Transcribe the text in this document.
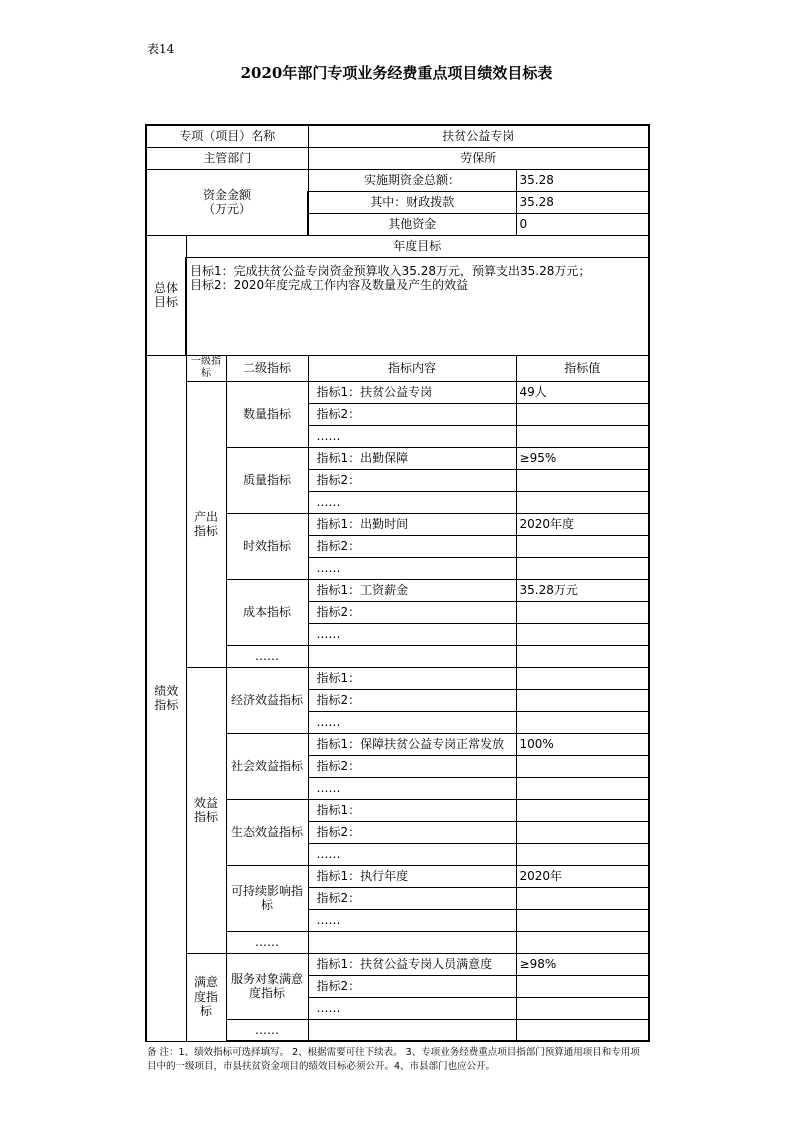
表14
2020年部门专项业务经费重点项目绩效目标表
专项（项目）名称			扶贫公益专岗	
主管部门			劳保所	

资金金额
（万元）			实施期资金总额：	35.28
			其中：财政拨款	35.28
			其他资金	0
总体目标	年度目标			

	目标1：完成扶贫公益专岗资金预算收入35.28万元，预算支出35.28万元；
目标2：2020年度完成工作内容及数量及产生的效益			

绩效指标	一级指标	二级指标	指标内容	指标值
	产出指标	数量指标	指标1：扶贫公益专岗	49人
			指标2：	
			……	
		质量指标	指标1：出勤保障	≥95%
			指标2：	
			……	
		时效指标	指标1：出勤时间	2020年度
			指标2：	
			……	
		成本指标	指标1：工资薪金	35.28万元
			指标2：	
			……	
		……		
	效益指标	经济效益指标	指标1：	
			指标2：	
			……	
		社会效益指标	指标1：保障扶贫公益专岗正常发放	100%
			指标2：	
			……	
		生态效益指标	指标1：	
			指标2：	
			……	
		可持续影响指标	指标1：执行年度	2020年
			指标2：	
			……	
		……		
	满意度指标	服务对象满意度指标	指标1：扶贫公益专岗人员满意度	≥98%
			指标2：	
			……	
		……		
备 注：1、绩效指标可选择填写。 2、根据需要可往下续表。 3、专项业务经费重点项目指部门预算通用项目和专用项目中的一级项目，市县扶贫资金项目的绩效目标必须公开。4、市县部门也应公开。
